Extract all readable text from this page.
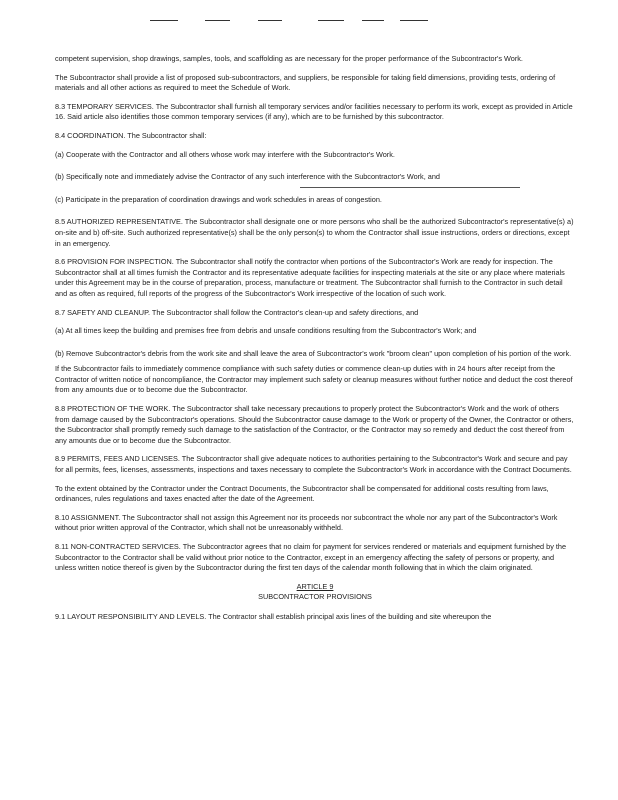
competent supervision, shop drawings, samples, tools, and scaffolding as are necessary for the proper performance of the Subcontractor's Work.

The Subcontractor shall provide a list of proposed sub-subcontractors, and suppliers, be responsible for taking field dimensions, providing tests, ordering of materials and all other actions as required to meet the Schedule of Work.

8.3 TEMPORARY SERVICES. The Subcontractor shall furnish all temporary services and/or facilities necessary to perform its work, except as provided in Article 16. Said article also identifies those common temporary services (if any), which are to be furnished by this subcontractor.

8.4 COORDINATION. The Subcontractor shall:

(a) Cooperate with the Contractor and all others whose work may interfere with the Subcontractor's Work.

(b) Specifically note and immediately advise the Contractor of any such interference with the Subcontractor's Work, and

(c) Participate in the preparation of coordination drawings and work schedules in areas of congestion.

8.5 AUTHORIZED REPRESENTATIVE. The Subcontractor shall designate one or more persons who shall be the authorized Subcontractor's representative(s) a) on-site and b) off-site. Such authorized representative(s) shall be the only person(s) to whom the Contractor shall issue instructions, orders or directions, except in an emergency.

8.6 PROVISION FOR INSPECTION. The Subcontractor shall notify the contractor when portions of the Subcontractor's Work are ready for inspection. The Subcontractor shall at all times furnish the Contractor and its representative adequate facilities for inspecting materials at the site or any place where materials under this Agreement may be in the course of preparation, process, manufacture or treatment. The Subcontractor shall furnish to the Contractor in such detail and as often as required, full reports of the progress of the Subcontractor's Work irrespective of the location of such work.

8.7 SAFETY AND CLEANUP. The Subcontractor shall follow the Contractor's clean-up and safety directions, and

(a) At all times keep the building and premises free from debris and unsafe conditions resulting from the Subcontractor's Work; and

(b) Remove Subcontractor's debris from the work site and shall leave the area of Subcontractor's work "broom clean" upon completion of his portion of the work.

If the Subcontractor fails to immediately commence compliance with such safety duties or commence clean-up duties with in 24 hours after receipt from the Contractor of written notice of noncompliance, the Contractor may implement such safety or cleanup measures without further notice and deduct the cost thereof from any amounts due or to become due the Subcontractor.

8.8 PROTECTION OF THE WORK. The Subcontractor shall take necessary precautions to properly protect the Subcontractor's Work and the work of others from damage caused by the Subcontractor's operations. Should the Subcontractor cause damage to the Work or property of the Owner, the Contractor or others, the Subcontractor shall promptly remedy such damage to the satisfaction of the Contractor, or the Contractor may so remedy and deduct the cost thereof from any amounts due or to become due the Subcontractor.

8.9 PERMITS, FEES AND LICENSES. The Subcontractor shall give adequate notices to authorities pertaining to the Subcontractor's Work and secure and pay for all permits, fees, licenses, assessments, inspections and taxes necessary to complete the Subcontractor's Work in accordance with the Contract Documents.

To the extent obtained by the Contractor under the Contract Documents, the Subcontractor shall be compensated for additional costs resulting from laws, ordinances, rules regulations and taxes enacted after the date of the Agreement.

8.10 ASSIGNMENT. The Subcontractor shall not assign this Agreement nor its proceeds nor subcontract the whole nor any part of the Subcontractor's Work without prior written approval of the Contractor, which shall not be unreasonably withheld.

8.11 NON-CONTRACTED SERVICES. The Subcontractor agrees that no claim for payment for services rendered or materials and equipment furnished by the Subcontractor to the Contractor shall be valid without prior notice to the Contractor, except in an emergency affecting the safety of persons or property, and unless written notice thereof is given by the Subcontractor during the first ten days of the calendar month following that in which the claim originated.

ARTICLE 9

SUBCONTRACTOR PROVISIONS

9.1 LAYOUT RESPONSIBILITY AND LEVELS. The Contractor shall establish principal axis lines of the building and site whereupon the
